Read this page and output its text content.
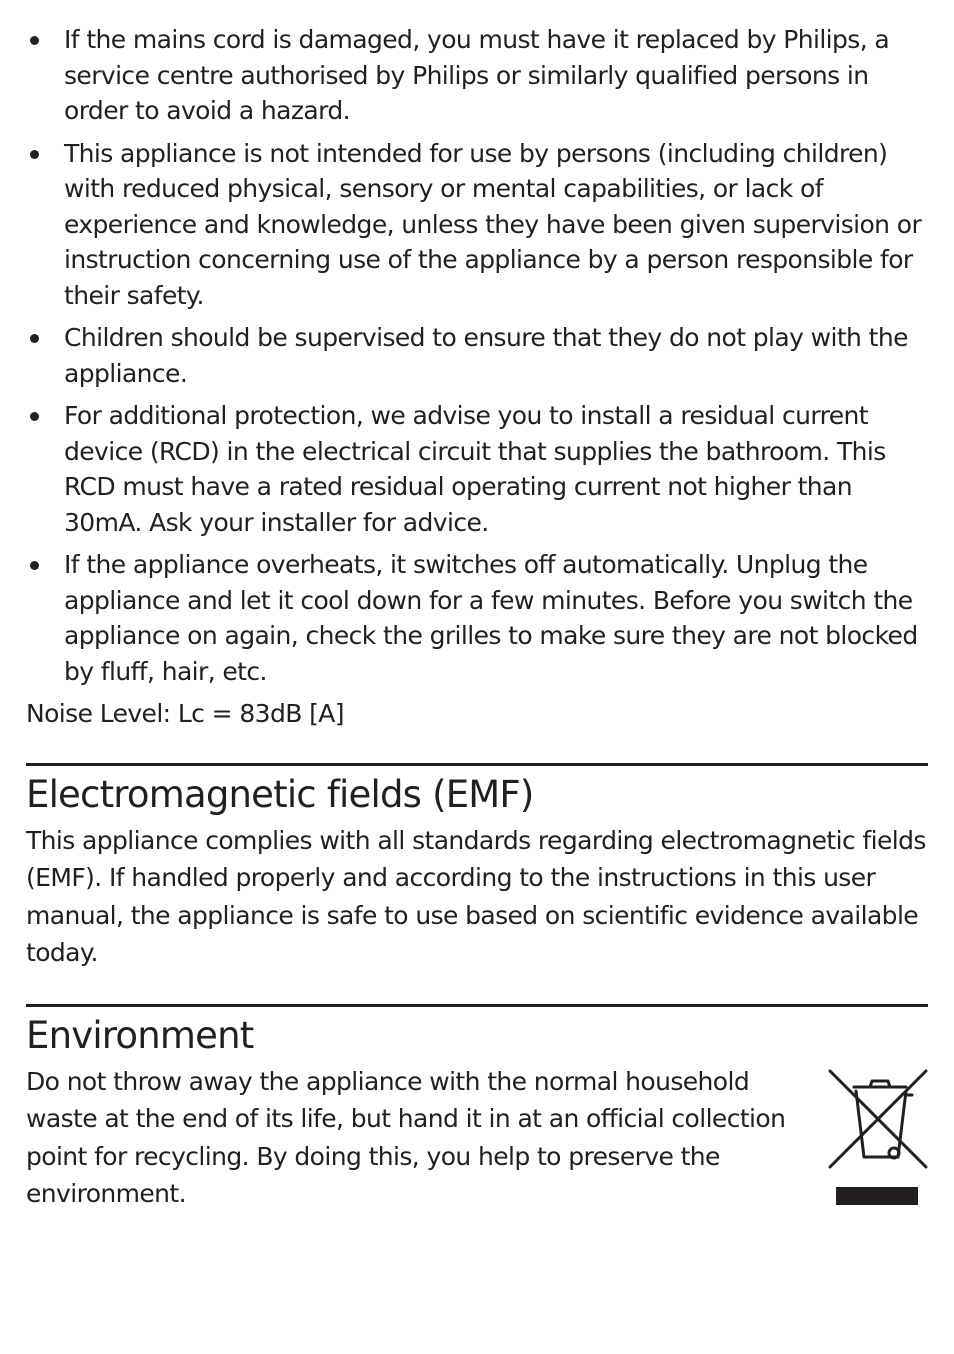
If the mains cord is damaged, you must have it replaced by Philips, a service centre authorised by Philips or similarly qualified persons in order to avoid a hazard.
This appliance is not intended for use by persons (including children) with reduced physical, sensory or mental capabilities, or lack of experience and knowledge, unless they have been given supervision or instruction concerning use of the appliance by a person responsible for their safety.
Children should be supervised to ensure that they do not play with the appliance.
For additional protection, we advise you to install a residual current device (RCD) in the electrical circuit that supplies the bathroom. This RCD must have a rated residual operating current not higher than 30mA. Ask your installer for advice.
If the appliance overheats, it switches off automatically. Unplug the appliance and let it cool down for a few minutes. Before you switch the appliance on again, check the grilles to make sure they are not blocked by fluff, hair, etc.

Noise Level: Lc = 83dB [A]

Electromagnetic fields (EMF)

This appliance complies with all standards regarding electromagnetic fields (EMF). If handled properly and according to the instructions in this user manual, the appliance is safe to use based on scientific evidence available today.

Environment

Do not throw away the appliance with the normal household waste at the end of its life, but hand it in at an official collection point for recycling. By doing this, you help to preserve the environment.
